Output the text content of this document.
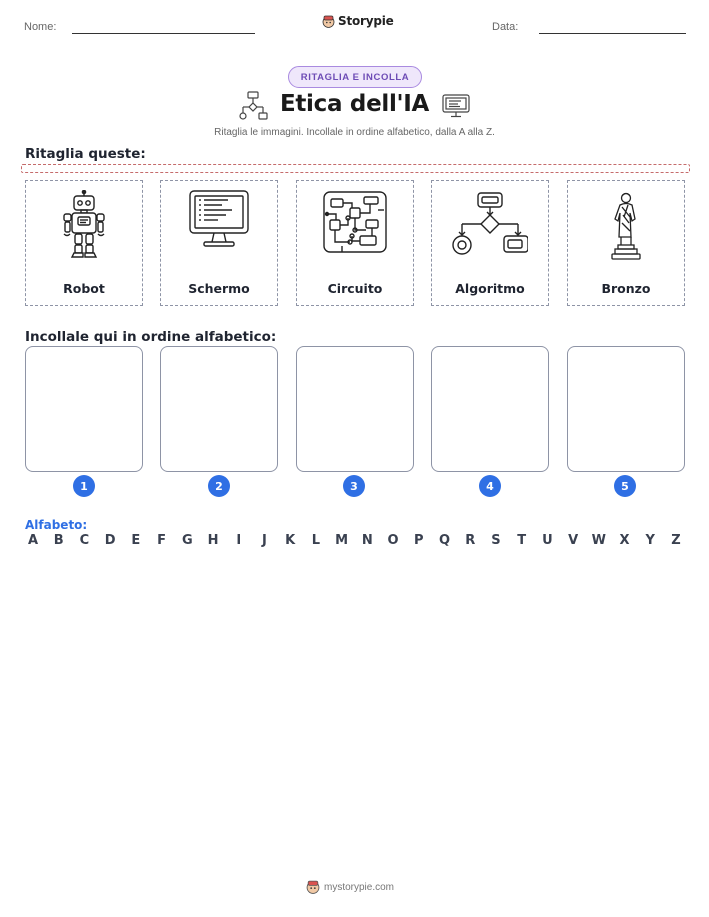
Nome:	Storypie	Data:
RITAGLIA E INCOLLA
Etica dell'IA
Ritaglia le immagini. Incollale in ordine alfabetico, dalla A alla Z.
Ritaglia queste:
Robot	Schermo	Circuito	Algoritmo	Bronzo
Incollale qui in ordine alfabetico:
1	2	3	4	5
Alfabeto:
A B C D E F G H	I	J	K L M N O P Q R S T U V W X Y Z
mystorypie.com
